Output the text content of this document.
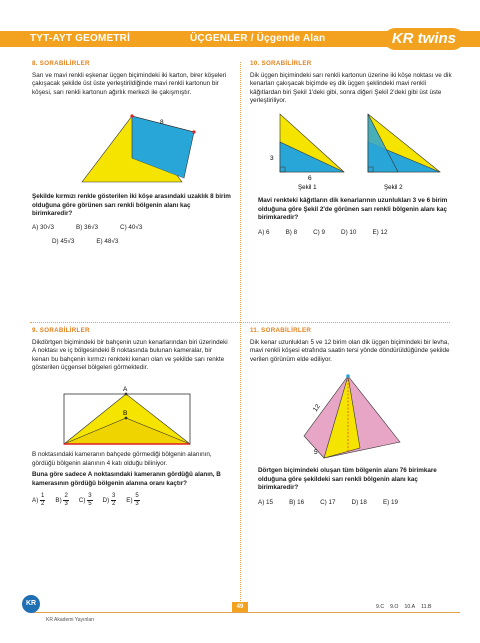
TYT-AYT GEOMETRİ	ÜÇGENLER / Üçgende Alan	KR twins
8. SORABİLİRLER
Sarı ve mavi renkli eşkenar üçgen biçimindeki iki karton, birer köşeleri çakışacak şekilde üst üste yerleştirildiğinde mavi renkli kartonun bir köşesi, sarı renkli kartonun ağırlık merkezi ile çakışmıştır.
8
Şekilde kırmızı renkle gösterilen iki köşe arasındaki uzaklık 8 birim olduğuna göre görünen sarı renkli bölgenin alanı kaç birimkaredir?
A) 30√3	B) 36√3	C) 40√3
D) 45√3	E) 48√3
10. SORABİLİRLER
Dik üçgen biçimindeki sarı renkli kartonun üzerine iki köşe noktası ve dik kenarları çakışacak biçimde eş dik üçgen şeklindeki mavi renkli kâğıtlardan biri Şekil 1'deki gibi, sonra diğeri Şekil 2'deki gibi üst üste yerleştiriliyor.
3
6
Şekil 1	Şekil 2
Mavi renkteki kâğıtların dik kenarlarının uzunlukları 3 ve 6 birim olduğuna göre Şekil 2'de görünen sarı renkli bölgenin alanı kaç birimkaredir?
A) 6	B) 8	C) 9	D) 10	E) 12
9. SORABİLİRLER
Dikdörtgen biçimindeki bir bahçenin uzun kenarlarından biri üzerindeki A noktası ve iç bölgesindeki B noktasında bulunan kameralar, bir kenarı bu bahçenin kırmızı renkteki kenarı olan ve şekilde sarı renkte gösterilen üçgensel bölgeleri görmektedir.
A
B
B noktasındaki kameranın bahçede görmediği bölgenin alanının, gördüğü bölgenin alanının 4 katı olduğu biliniyor.
Buna göre sadece A noktasındaki kameranın gördüğü alanın, B kamerasının gördüğü bölgenin alanına oranı kaçtır?
$A) \frac{1}{2} B) \frac{2}{3} C) \frac{3}{5} D) \frac{3}{2} E) \frac{5}{3}$
11. SORABİLİRLER
Dik kenar uzunlukları 5 ve 12 birim olan dik üçgen biçimindeki bir levha, mavi renkli köşesi etrafında saatin tersi yönde döndürüldüğünde şekilde verilen görünüm elde ediliyor.
12
5
Dörtgen biçimindeki oluşan tüm bölgenin alanı 76 birimkare olduğuna göre şekildeki sarı renkli bölgenin alanı kaç birimkaredir?
A) 15	B) 16	C) 17	D) 18	E) 19
KR
KR Akademi Yayınları
49	9.C 9.O 10.A 11.B
